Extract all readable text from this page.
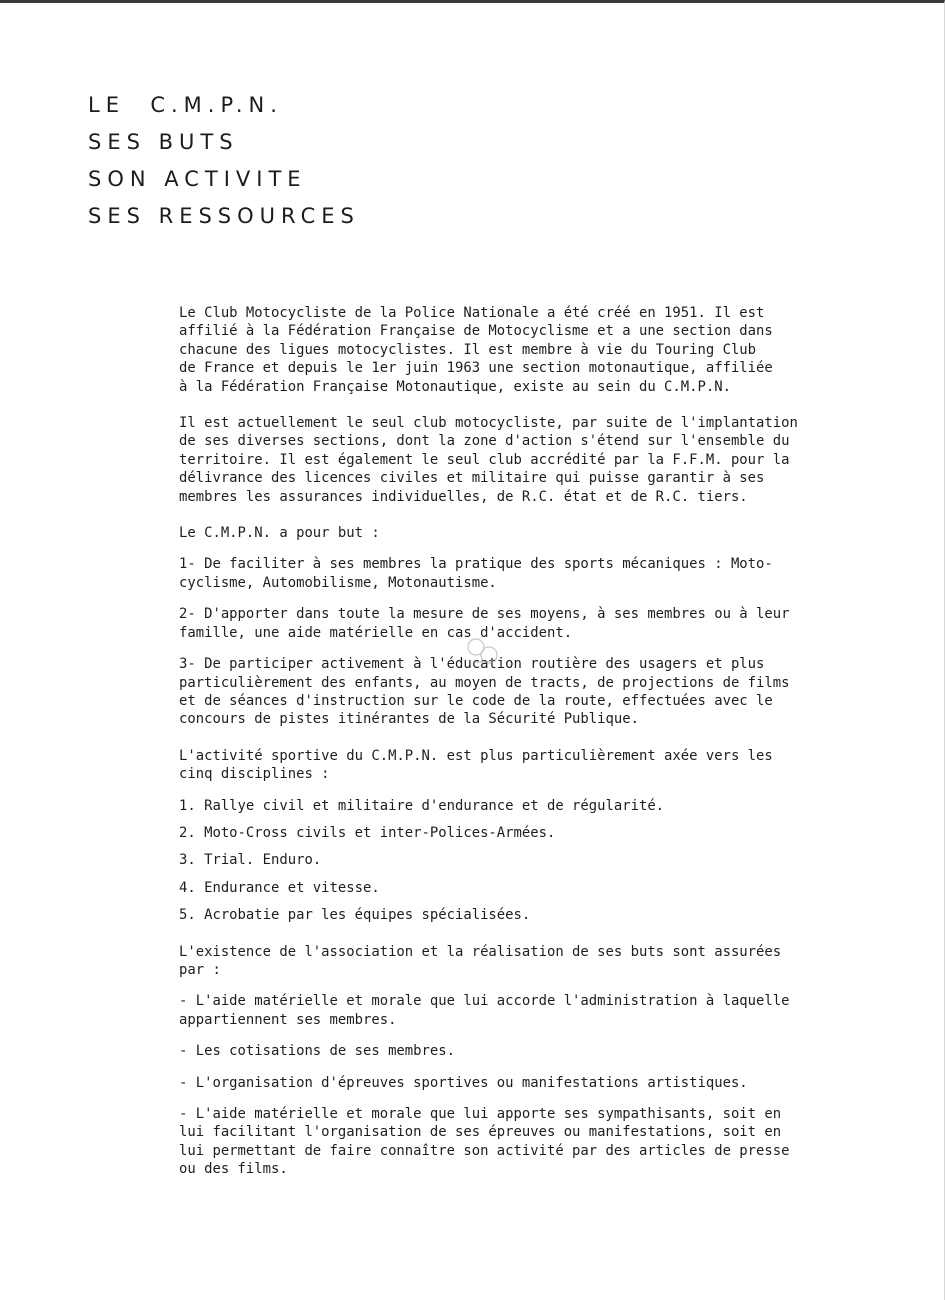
LE  C.M.P.N.
SES BUTS
SON ACTIVITE
SES RESSOURCES

Le Club Motocycliste de la Police Nationale a été créé en 1951. Il est

affilié à la Fédération Française de Motocyclisme et a une section dans

chacune des ligues motocyclistes. Il est membre à vie du Touring Club

de France et depuis le 1er juin 1963 une section motonautique, affiliée

à la Fédération Française Motonautique, existe au sein du C.M.P.N.

Il est actuellement le seul club motocycliste, par suite de l'implantation

de ses diverses sections, dont la zone d'action s'étend sur l'ensemble du

territoire. Il est également le seul club accrédité par la F.F.M. pour la

délivrance des licences civiles et militaire qui puisse garantir à ses

membres les assurances individuelles, de R.C. état et de R.C. tiers.

Le C.M.P.N. a pour but :

1- De faciliter à ses membres la pratique des sports mécaniques : Moto-

cyclisme, Automobilisme, Motonautisme.

2- D'apporter dans toute la mesure de ses moyens, à ses membres ou à leur

famille, une aide matérielle en cas d'accident.

3- De participer activement à l'éducation routière des usagers et plus

particulièrement des enfants, au moyen de tracts, de projections de films

et de séances d'instruction sur le code de la route, effectuées avec le

concours de pistes itinérantes de la Sécurité Publique.

L'activité sportive du C.M.P.N. est plus particulièrement axée vers les

cinq disciplines :

1. Rallye civil et militaire d'endurance et de régularité.

2. Moto-Cross civils et inter-Polices-Armées.

3. Trial. Enduro.

4. Endurance et vitesse.

5. Acrobatie par les équipes spécialisées.

L'existence de l'association et la réalisation de ses buts sont assurées

par :

- L'aide matérielle et morale que lui accorde l'administration à laquelle

appartiennent ses membres.

- Les cotisations de ses membres.

- L'organisation d'épreuves sportives ou manifestations artistiques.

- L'aide matérielle et morale que lui apporte ses sympathisants, soit en

lui facilitant l'organisation de ses épreuves ou manifestations, soit en

lui permettant de faire connaître son activité par des articles de presse

ou des films.
